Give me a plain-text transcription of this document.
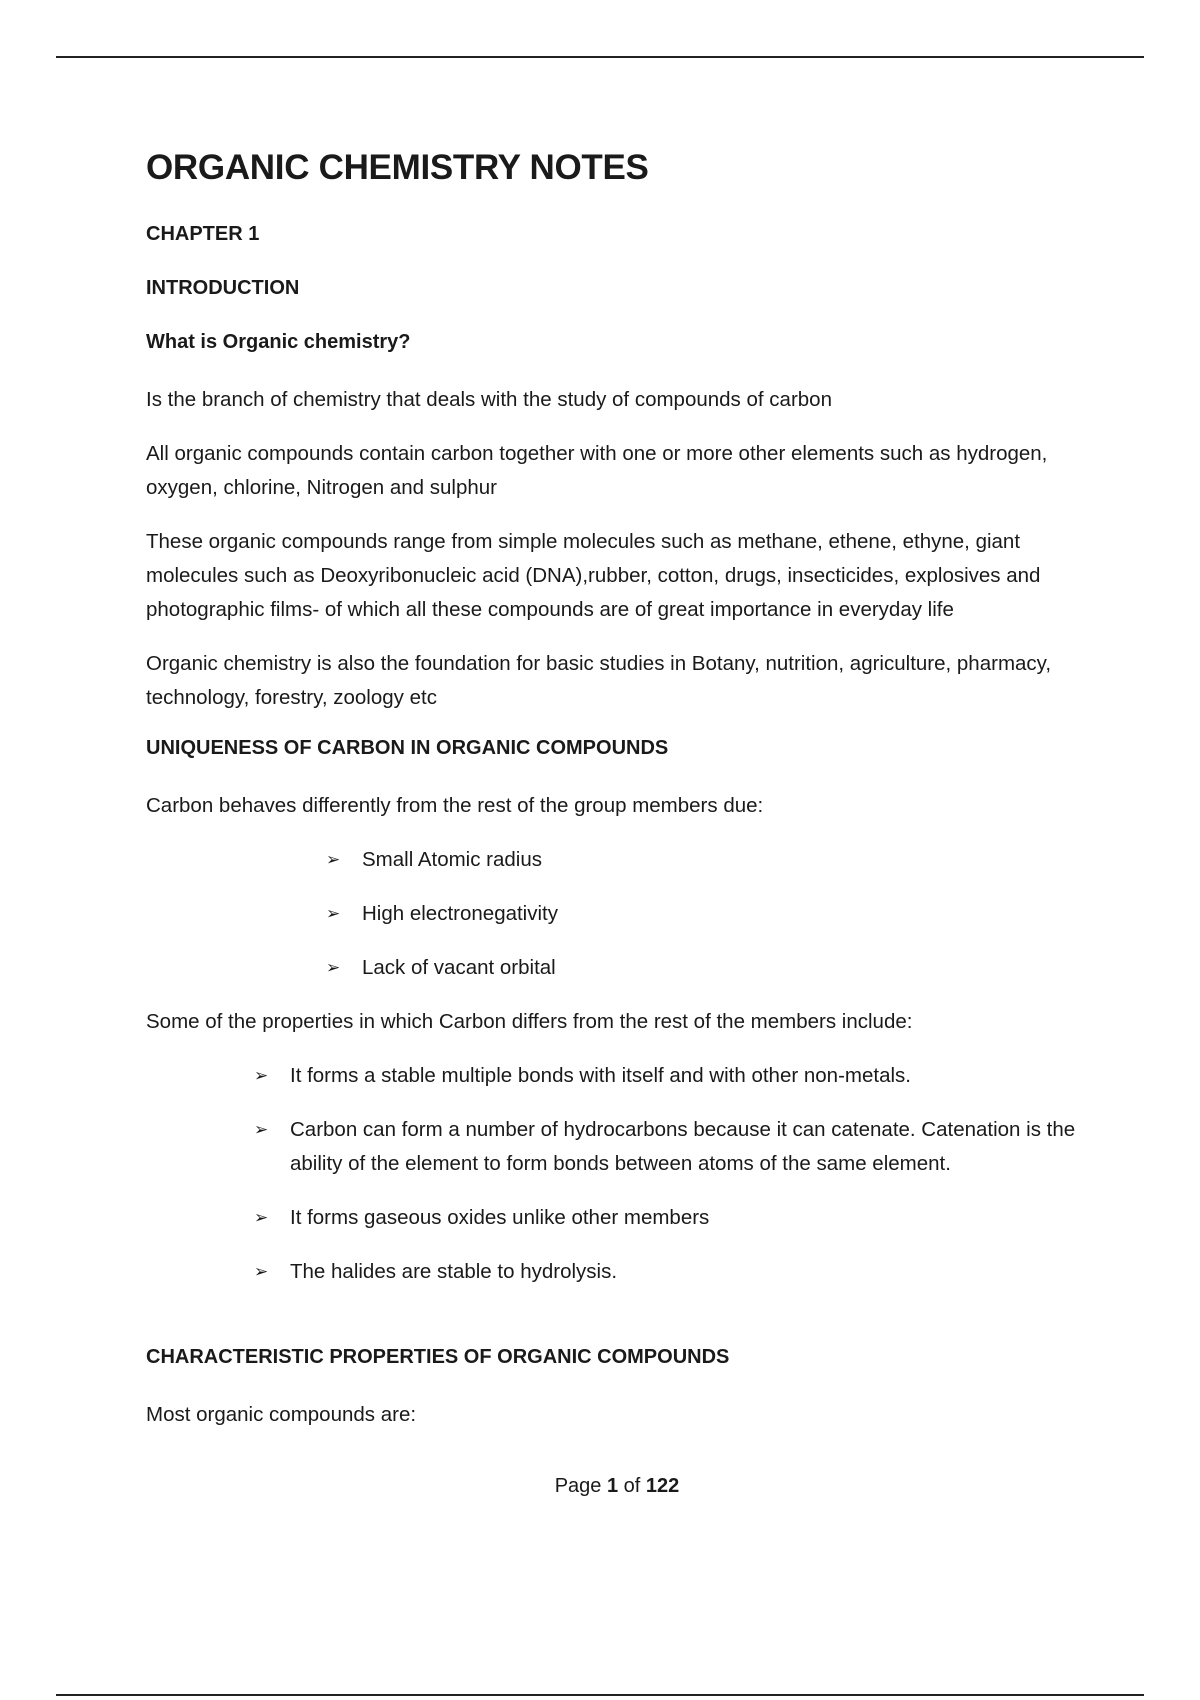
ORGANIC CHEMISTRY NOTES
CHAPTER 1
INTRODUCTION
What is Organic chemistry?

Is the branch of chemistry that deals with the study of compounds of carbon

All organic compounds contain carbon together with one or more other elements such as hydrogen, oxygen, chlorine, Nitrogen and sulphur

These organic compounds range from simple molecules such as methane, ethene, ethyne, giant molecules such as Deoxyribonucleic acid (DNA),rubber, cotton, drugs, insecticides, explosives and photographic films- of which all these compounds are of great importance in everyday life

Organic chemistry is also the foundation for basic studies in Botany, nutrition, agriculture, pharmacy, technology, forestry, zoology etc

UNIQUENESS OF CARBON IN ORGANIC COMPOUNDS

Carbon behaves differently from the rest of the group members due:

➢ Small Atomic radius
➢ High electronegativity
➢ Lack of vacant orbital

Some of the properties in which Carbon differs from the rest of the members include:

➢ It forms a stable multiple bonds with itself and with other non-metals.
➢ Carbon can form a number of hydrocarbons because it can catenate. Catenation is the ability of the element to form bonds between atoms of the same element.
➢ It forms gaseous oxides unlike other members
➢ The halides are stable to hydrolysis.
CHARACTERISTIC PROPERTIES OF ORGANIC COMPOUNDS

Most organic compounds are:

Page 1 of 122
